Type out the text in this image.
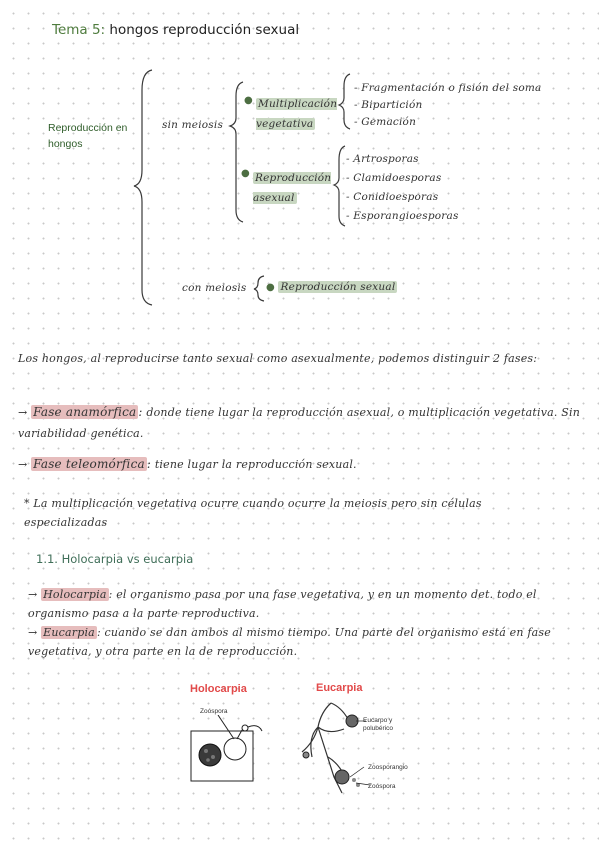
Tema 5: hongos reproducción sexual
Reproducción en hongos
sin meiosis
● Multiplicación vegetativa
- Fragmentación o fisión del soma
- Bipartición
- Gemación
● Reproducción asexual
- Artrosporas
- Clamidoesporas
- Conidioesporas
- Esporangioesporas
con meiosis ● Reproducción sexual
Los hongos, al reproducirse tanto sexual como asexualmente, podemos distinguir 2 fases:
→ Fase anamórfica : donde tiene lugar la reproducción asexual, o multiplicación vegetativa. Sin variabilidad genética.
→ Fase teleomórfica : tiene lugar la reproducción sexual.
* La multiplicación vegetativa ocurre cuando ocurre la meiosis pero sin células especializadas
1.1. Holocarpia vs eucarpia
→ Holocarpia : el organismo pasa por una fase vegetativa, y en un momento det. todo el organismo pasa a la parte reproductiva.
→ Eucarpia : cuando se dan ambos al mismo tiempo. Una parte del organismo está en fase vegetativa, y otra parte en la de reproducción.
Holocarpia	Eucarpia
Zoóspora
Eucarpo y polubérico
Zoosporangio
Zoóspora
